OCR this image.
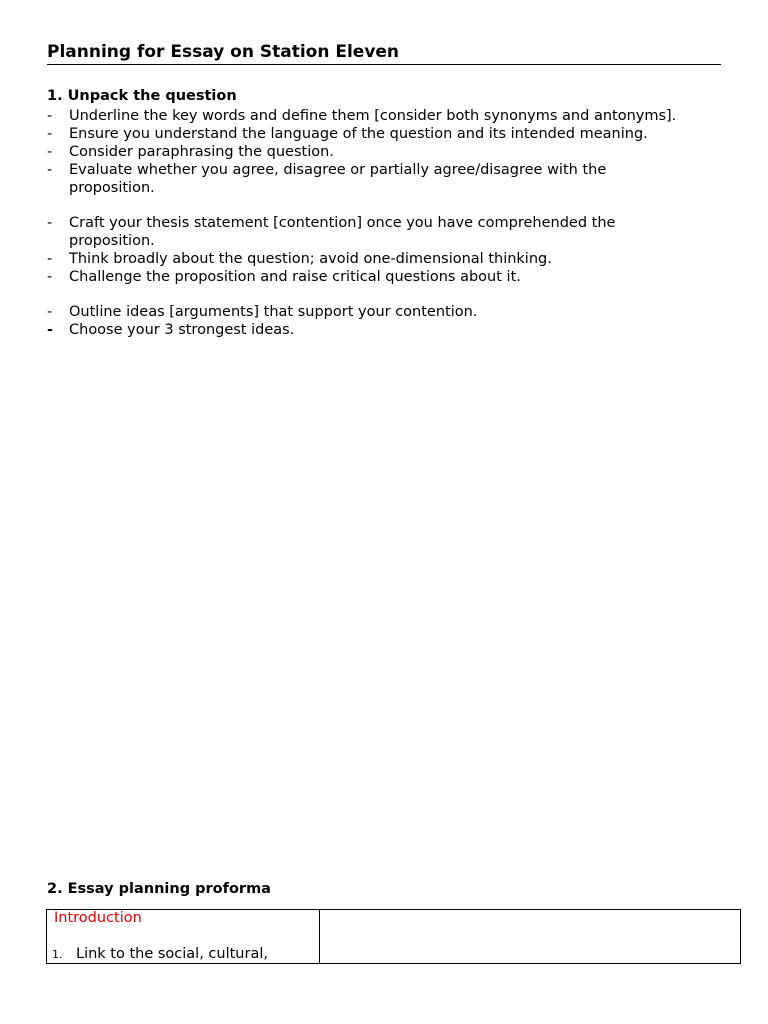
Planning for Essay on Station Eleven
1. Unpack the question
-	Underline the key words and define them [consider both synonyms and antonyms].
-	Ensure you understand the language of the question and its intended meaning.
-	Consider paraphrasing the question.
-	Evaluate whether you agree, disagree or partially agree/disagree with the proposition.
-	Craft your thesis statement [contention] once you have comprehended the proposition.
-	Think broadly about the question; avoid one-dimensional thinking.
-	Challenge the proposition and raise critical questions about it.
-	Outline ideas [arguments] that support your contention.
- Choose your 3 strongest ideas.
2. Essay planning proforma
Introduction
1. Link to the social, cultural,
